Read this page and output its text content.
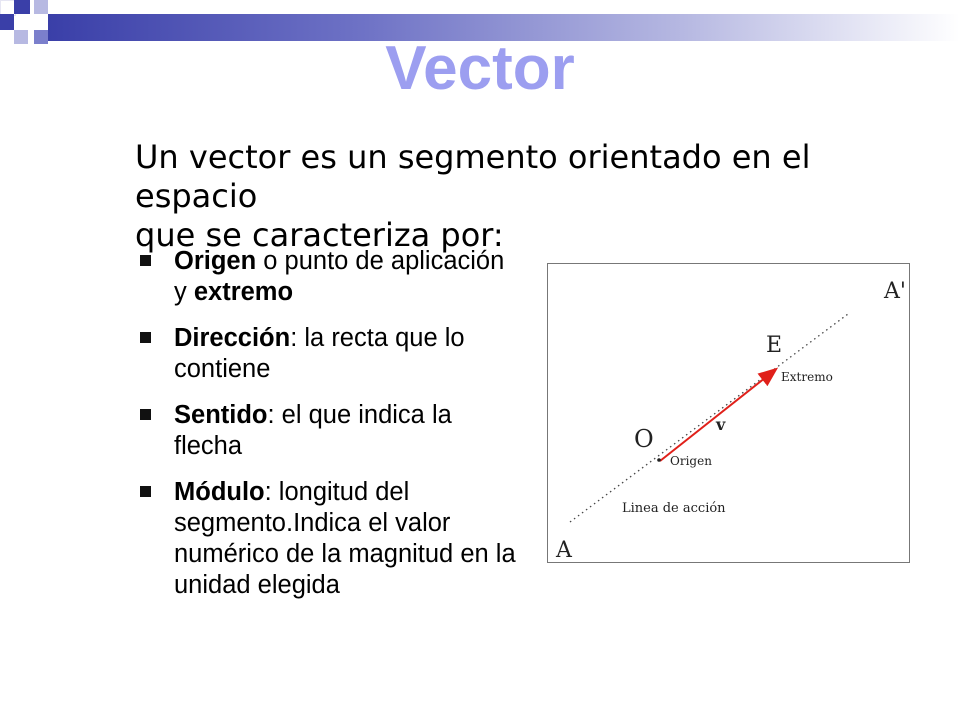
Vector
Un vector es un segmento orientado en el espacio
que se caracteriza por:
Origen o punto de aplicación y extremo
Dirección: la recta que lo contiene
Sentido: el que indica la flecha
Módulo: longitud del segmento.Indica el valor numérico de la magnitud en la unidad elegida
A'
E
Extremo
v
O
Origen
Linea de acción
A
